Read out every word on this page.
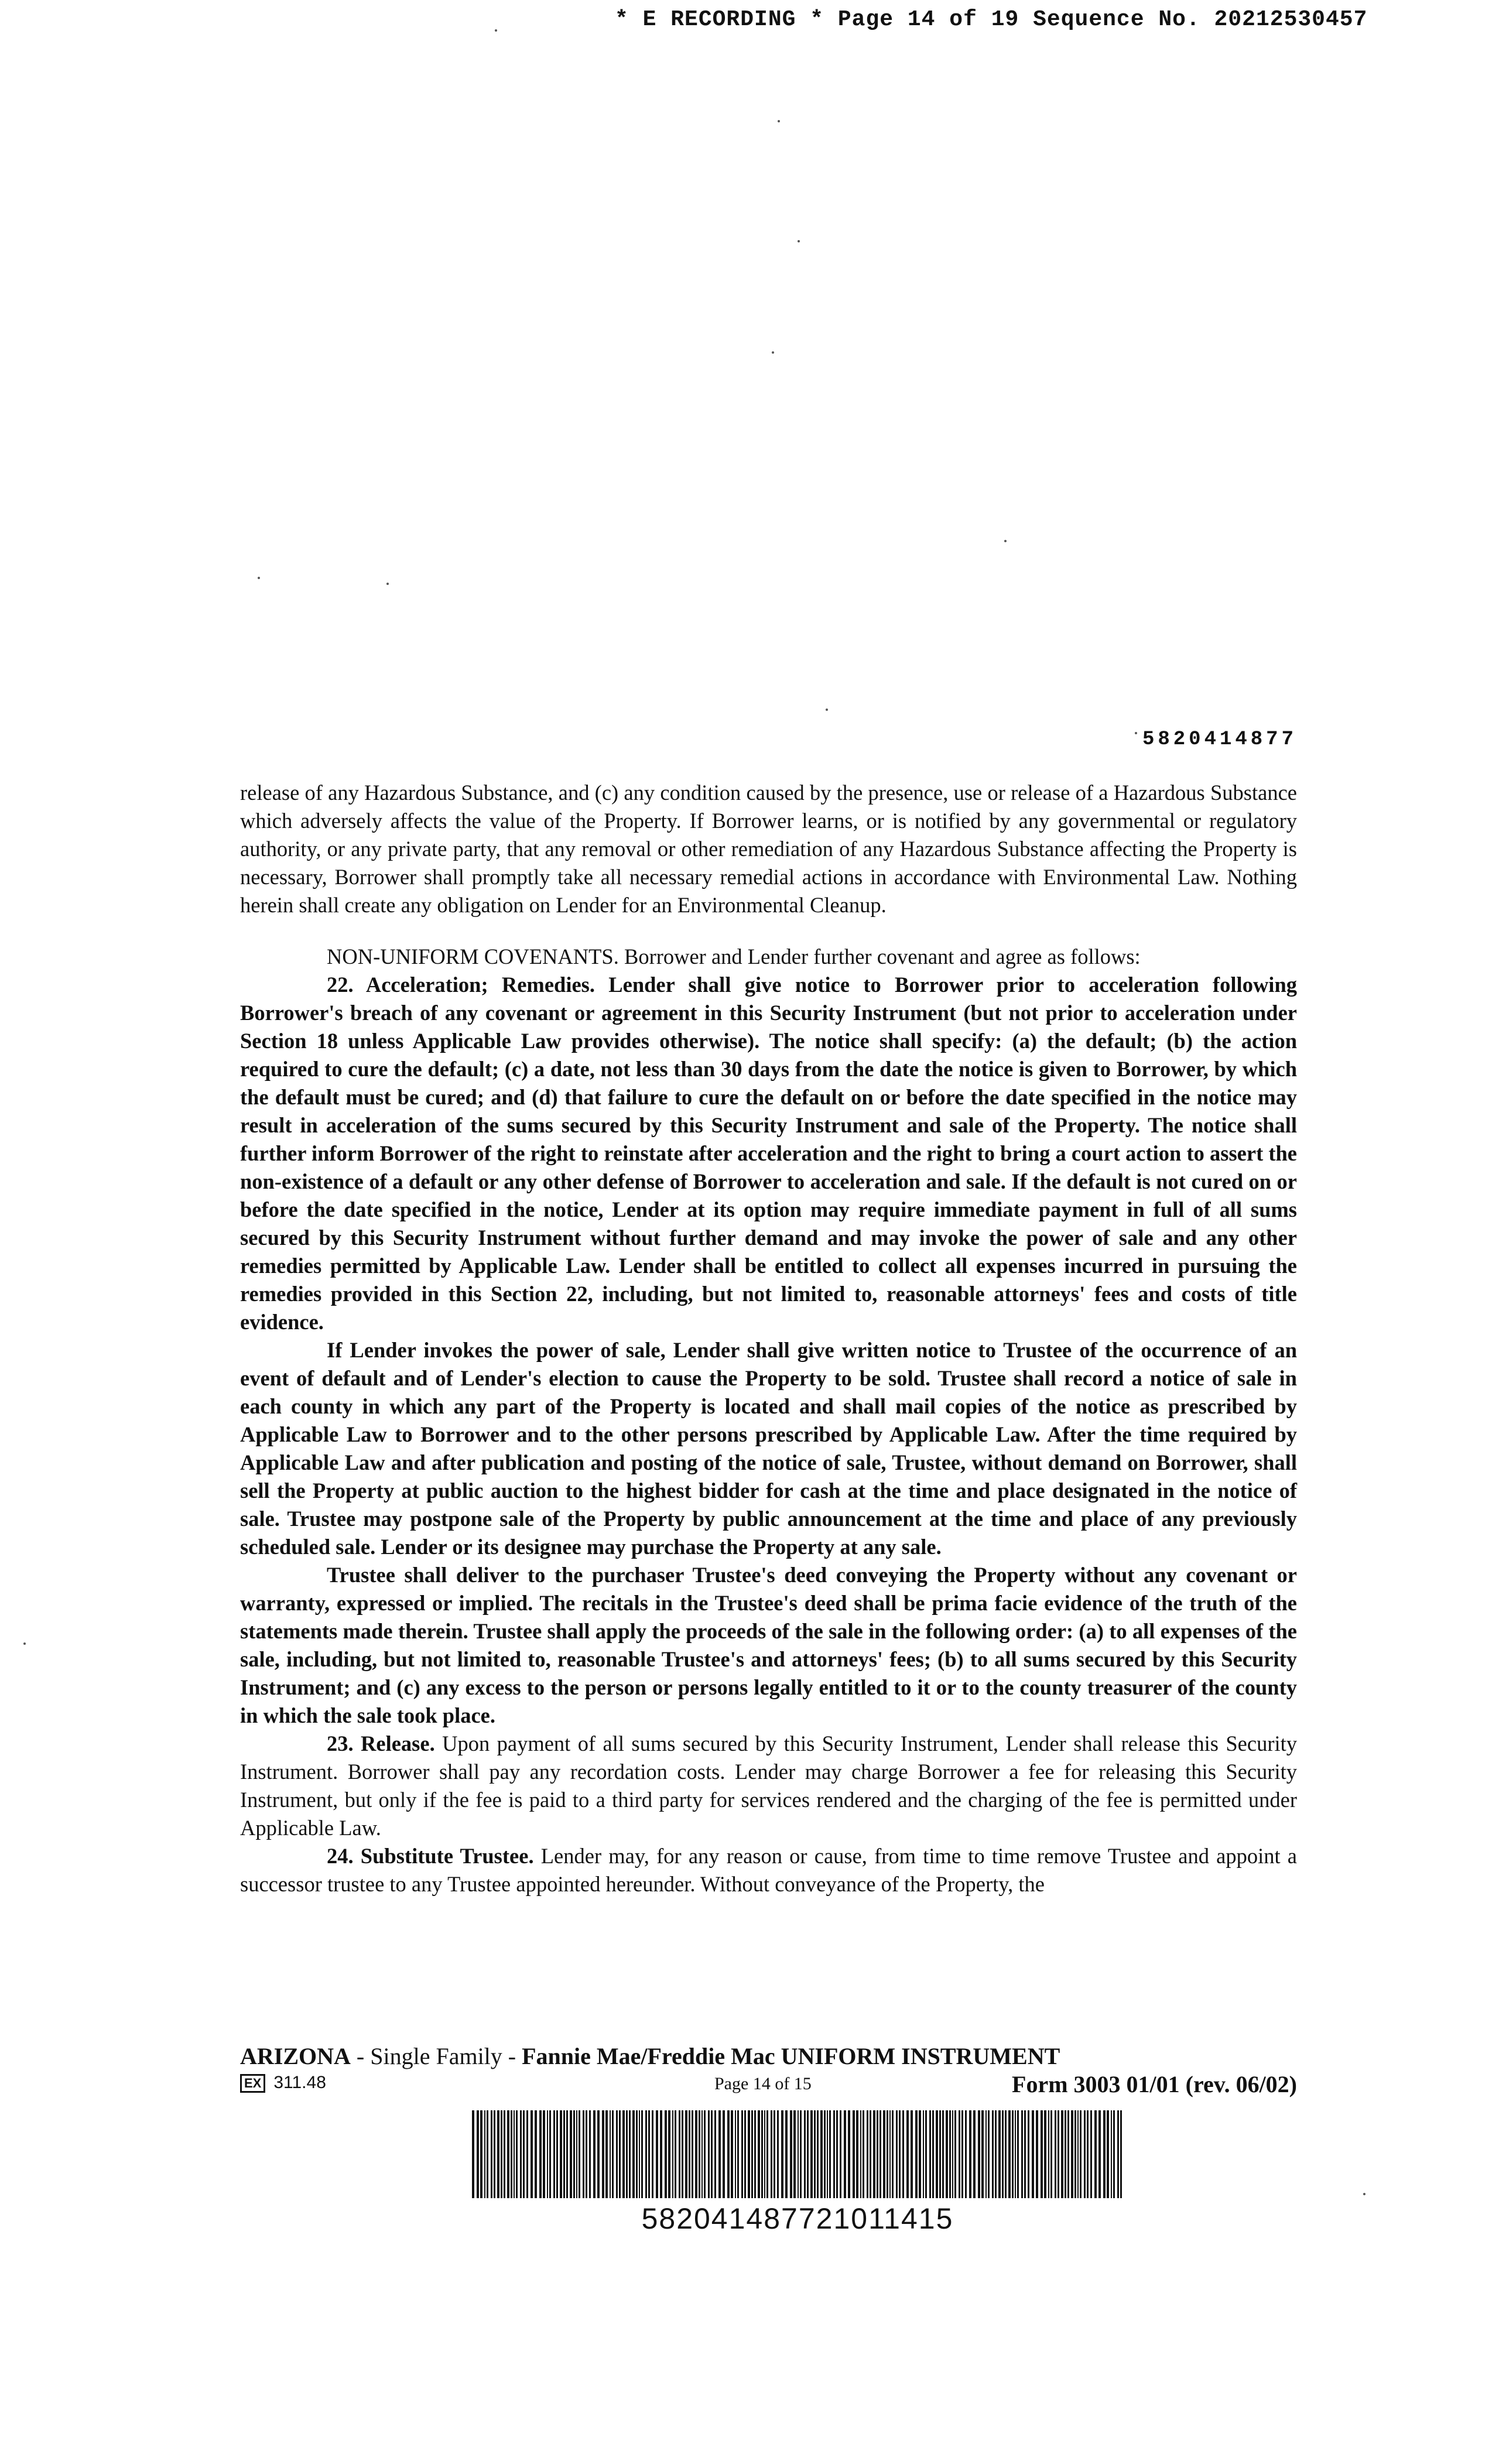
* E RECORDING * Page 14 of 19 Sequence No. 20212530457
5820414877

release of any Hazardous Substance, and (c) any condition caused by the presence, use or release of a Hazardous Substance which adversely affects the value of the Property. If Borrower learns, or is notified by any governmental or regulatory authority, or any private party, that any removal or other remediation of any Hazardous Substance affecting the Property is necessary, Borrower shall promptly take all necessary remedial actions in accordance with Environmental Law. Nothing herein shall create any obligation on Lender for an Environmental Cleanup.

NON-UNIFORM COVENANTS. Borrower and Lender further covenant and agree as follows:

22. Acceleration; Remedies. Lender shall give notice to Borrower prior to acceleration following Borrower's breach of any covenant or agreement in this Security Instrument (but not prior to acceleration under Section 18 unless Applicable Law provides otherwise). The notice shall specify: (a) the default; (b) the action required to cure the default; (c) a date, not less than 30 days from the date the notice is given to Borrower, by which the default must be cured; and (d) that failure to cure the default on or before the date specified in the notice may result in acceleration of the sums secured by this Security Instrument and sale of the Property. The notice shall further inform Borrower of the right to reinstate after acceleration and the right to bring a court action to assert the non-existence of a default or any other defense of Borrower to acceleration and sale. If the default is not cured on or before the date specified in the notice, Lender at its option may require immediate payment in full of all sums secured by this Security Instrument without further demand and may invoke the power of sale and any other remedies permitted by Applicable Law. Lender shall be entitled to collect all expenses incurred in pursuing the remedies provided in this Section 22, including, but not limited to, reasonable attorneys' fees and costs of title evidence.

If Lender invokes the power of sale, Lender shall give written notice to Trustee of the occurrence of an event of default and of Lender's election to cause the Property to be sold. Trustee shall record a notice of sale in each county in which any part of the Property is located and shall mail copies of the notice as prescribed by Applicable Law to Borrower and to the other persons prescribed by Applicable Law. After the time required by Applicable Law and after publication and posting of the notice of sale, Trustee, without demand on Borrower, shall sell the Property at public auction to the highest bidder for cash at the time and place designated in the notice of sale. Trustee may postpone sale of the Property by public announcement at the time and place of any previously scheduled sale. Lender or its designee may purchase the Property at any sale.

Trustee shall deliver to the purchaser Trustee's deed conveying the Property without any covenant or warranty, expressed or implied. The recitals in the Trustee's deed shall be prima facie evidence of the truth of the statements made therein. Trustee shall apply the proceeds of the sale in the following order: (a) to all expenses of the sale, including, but not limited to, reasonable Trustee's and attorneys' fees; (b) to all sums secured by this Security Instrument; and (c) any excess to the person or persons legally entitled to it or to the county treasurer of the county in which the sale took place.

23. Release. Upon payment of all sums secured by this Security Instrument, Lender shall release this Security Instrument. Borrower shall pay any recordation costs. Lender may charge Borrower a fee for releasing this Security Instrument, but only if the fee is paid to a third party for services rendered and the charging of the fee is permitted under Applicable Law.

24. Substitute Trustee. Lender may, for any reason or cause, from time to time remove Trustee and appoint a successor trustee to any Trustee appointed hereunder. Without conveyance of the Property, the

ARIZONA - Single Family - Fannie Mae/Freddie Mac UNIFORM INSTRUMENT
EX 311.48	Page 14 of 15	Form 3003 01/01 (rev. 06/02)
582041487721011415
